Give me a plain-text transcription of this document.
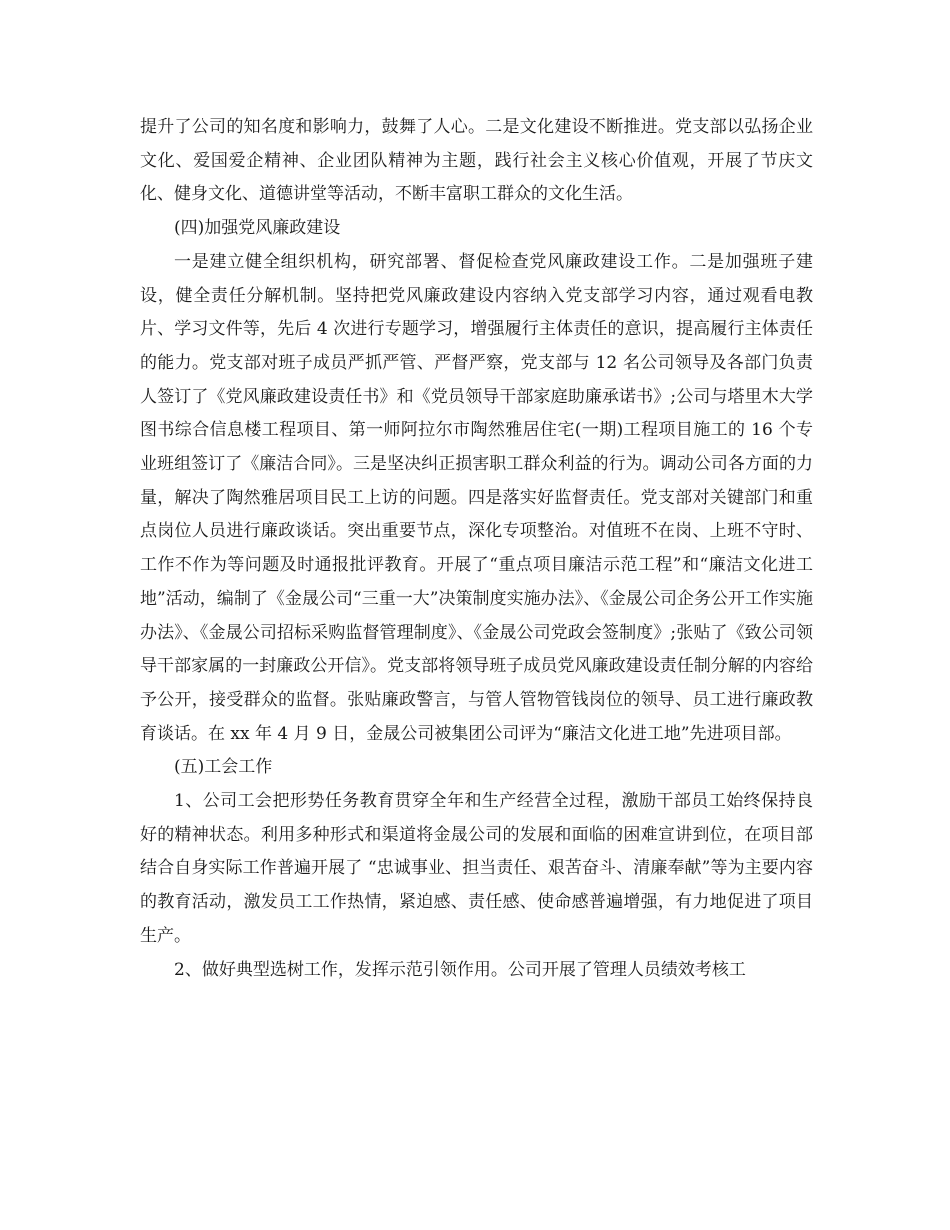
提升了公司的知名度和影响力，鼓舞了人心。二是文化建设不断推进。党支部以弘扬企业文化、爱国爱企精神、企业团队精神为主题，践行社会主义核心价值观，开展了节庆文化、健身文化、道德讲堂等活动，不断丰富职工群众的文化生活。

(四)加强党风廉政建设

一是建立健全组织机构，研究部署、督促检查党风廉政建设工作。二是加强班子建设，健全责任分解机制。坚持把党风廉政建设内容纳入党支部学习内容，通过观看电教片、学习文件等，先后 4 次进行专题学习，增强履行主体责任的意识，提高履行主体责任的能力。党支部对班子成员严抓严管、严督严察，党支部与 12 名公司领导及各部门负责人签订了《党风廉政建设责任书》和《党员领导干部家庭助廉承诺书》;公司与塔里木大学图书综合信息楼工程项目、第一师阿拉尔市陶然雅居住宅(一期)工程项目施工的 16 个专业班组签订了《廉洁合同》。三是坚决纠正损害职工群众利益的行为。调动公司各方面的力量，解决了陶然雅居项目民工上访的问题。四是落实好监督责任。党支部对关键部门和重点岗位人员进行廉政谈话。突出重要节点，深化专项整治。对值班不在岗、上班不守时、工作不作为等问题及时通报批评教育。开展了“重点项目廉洁示范工程”和“廉洁文化进工地”活动，编制了《金晟公司“三重一大”决策制度实施办法》、《金晟公司企务公开工作实施办法》、《金晟公司招标采购监督管理制度》、《金晟公司党政会签制度》;张贴了《致公司领导干部家属的一封廉政公开信》。党支部将领导班子成员党风廉政建设责任制分解的内容给予公开，接受群众的监督。张贴廉政警言，与管人管物管钱岗位的领导、员工进行廉政教育谈话。在 xx 年 4 月 9 日，金晟公司被集团公司评为“廉洁文化进工地”先进项目部。

(五)工会工作

1、公司工会把形势任务教育贯穿全年和生产经营全过程，激励干部员工始终保持良好的精神状态。利用多种形式和渠道将金晟公司的发展和面临的困难宣讲到位，在项目部结合自身实际工作普遍开展了 “忠诚事业、担当责任、艰苦奋斗、清廉奉献”等为主要内容的教育活动，激发员工工作热情，紧迫感、责任感、使命感普遍增强，有力地促进了项目生产。

2、做好典型选树工作，发挥示范引领作用。公司开展了管理人员绩效考核工
